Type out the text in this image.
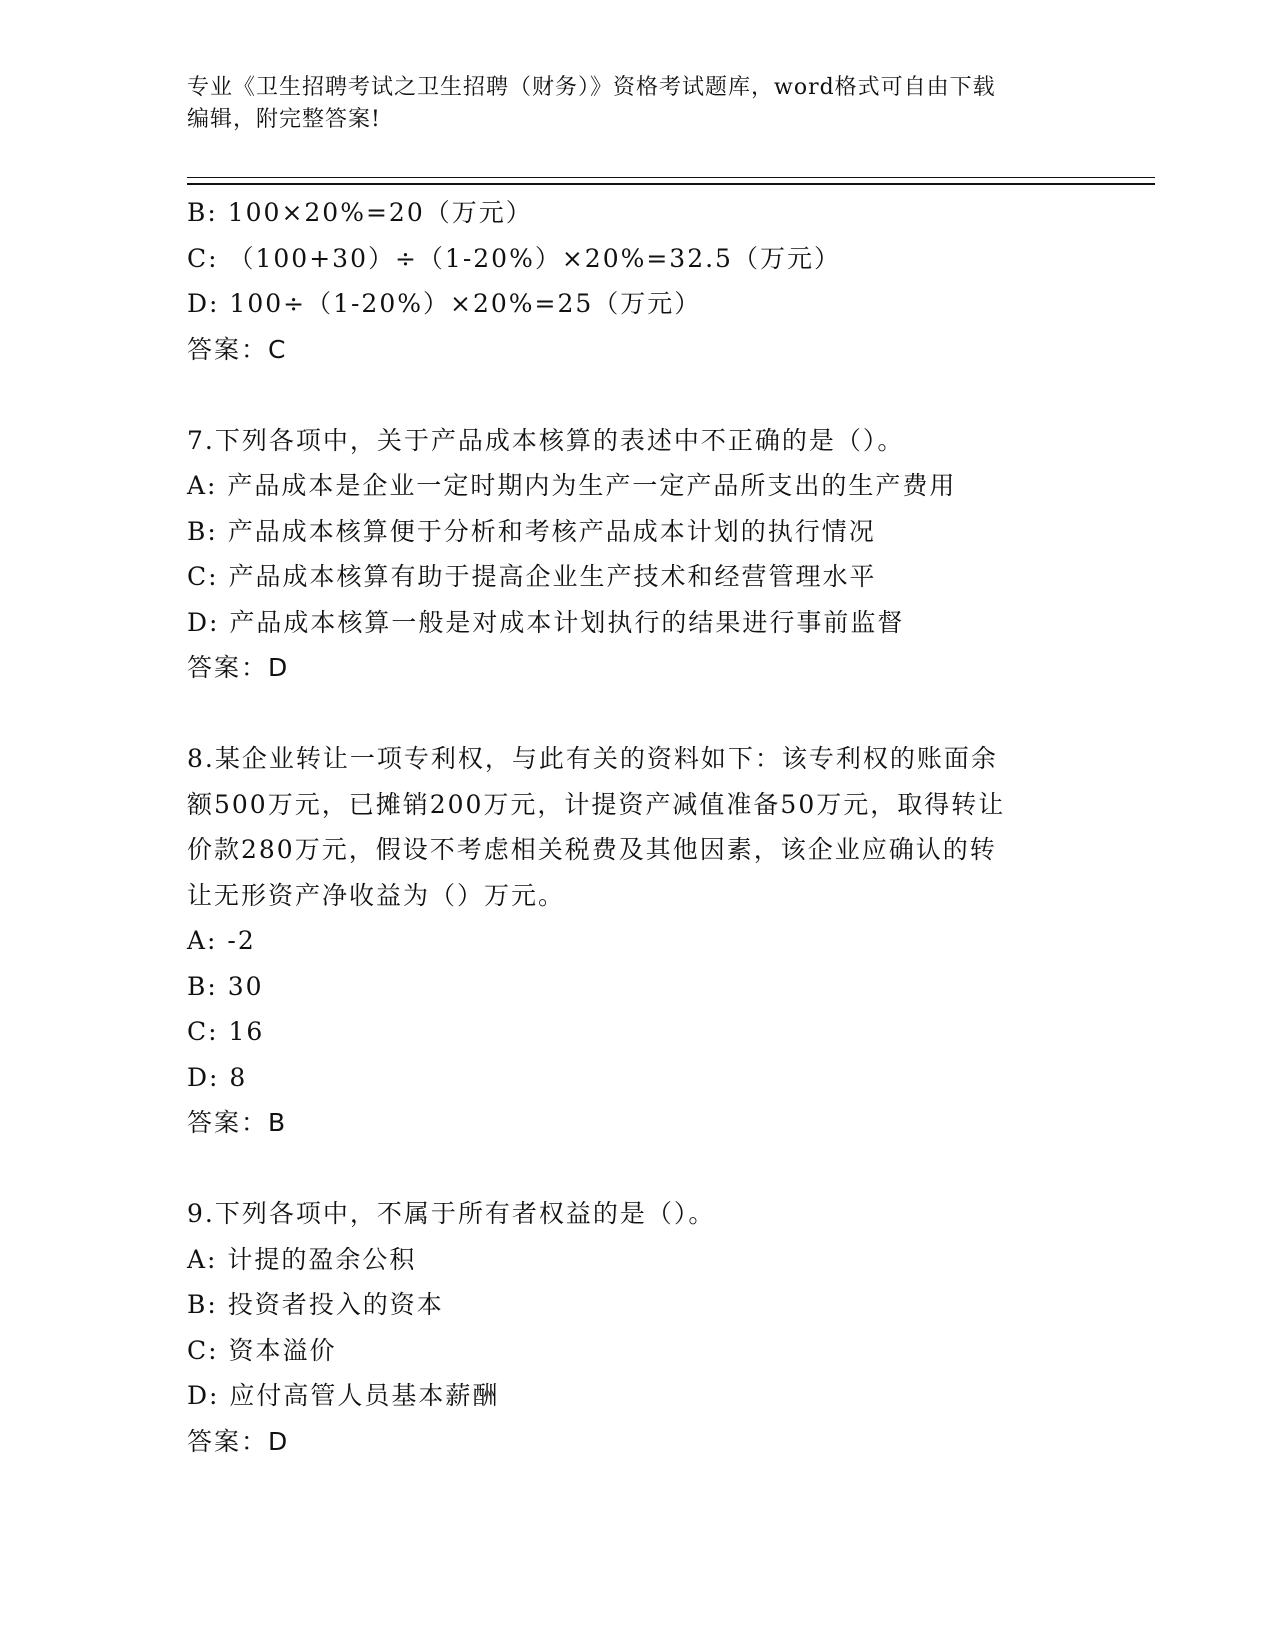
专业《卫生招聘考试之卫生招聘（财务）》资格考试题库，word格式可自由下载
编辑，附完整答案!
B: 100×20%=20（万元）
C: （100+30）÷（1-20%）×20%=32.5（万元）
D: 100÷（1-20%）×20%=25（万元）
答案：C
7.下列各项中，关于产品成本核算的表述中不正确的是（）。
A: 产品成本是企业一定时期内为生产一定产品所支出的生产费用
B: 产品成本核算便于分析和考核产品成本计划的执行情况
C: 产品成本核算有助于提高企业生产技术和经营管理水平
D: 产品成本核算一般是对成本计划执行的结果进行事前监督
答案：D
8.某企业转让一项专利权，与此有关的资料如下：该专利权的账面余
额500万元，已摊销200万元，计提资产减值准备50万元，取得转让
价款280万元，假设不考虑相关税费及其他因素，该企业应确认的转
让无形资产净收益为（）万元。
A: -2
B: 30
C: 16
D: 8
答案：B
9.下列各项中，不属于所有者权益的是（）。
A: 计提的盈余公积
B: 投资者投入的资本
C: 资本溢价
D: 应付高管人员基本薪酬
答案：D
